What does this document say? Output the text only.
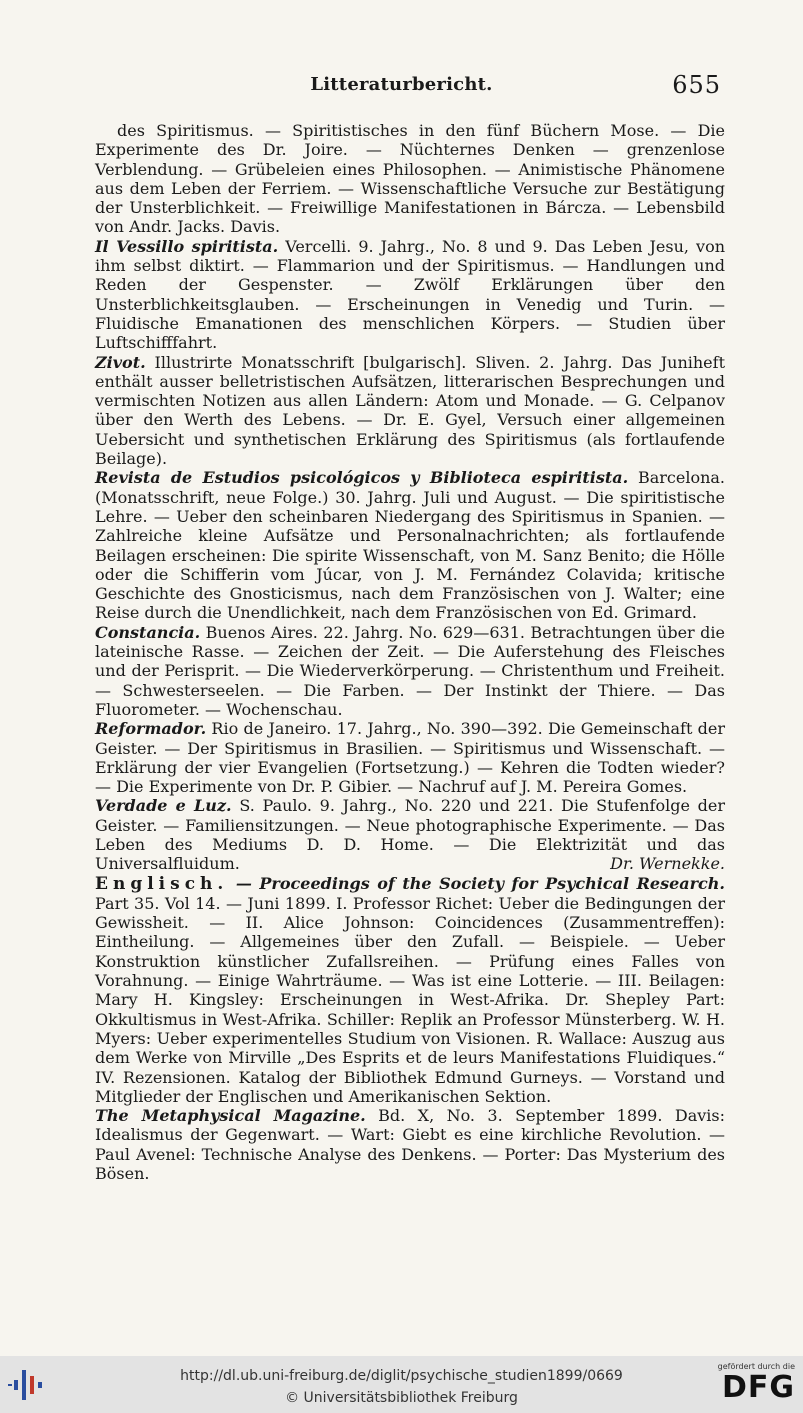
Litteraturbericht.	655

des Spiritismus. — Spiritistisches in den fünf Büchern Mose. — Die Experimente des Dr. Joire. — Nüchternes Denken — grenzenlose Verblendung. — Grübeleien eines Philosophen. — Animistische Phänomene aus dem Leben der Ferriem. — Wissenschaftliche Versuche zur Bestätigung der Unsterblichkeit. — Freiwillige Manifestationen in Bárcza. — Lebensbild von Andr. Jacks. Davis.

Il Vessillo spiritista. Vercelli. 9. Jahrg., No. 8 und 9. Das Leben Jesu, von ihm selbst diktirt. — Flammarion und der Spiritismus. — Handlungen und Reden der Gespenster. — Zwölf Erklärungen über den Unsterblichkeitsglauben. — Erscheinungen in Venedig und Turin. — Fluidische Emanationen des menschlichen Körpers. — Studien über Luftschifffahrt.

Zivot. Illustrirte Monatsschrift [bulgarisch]. Sliven. 2. Jahrg. Das Juniheft enthält ausser belletristischen Aufsätzen, litterarischen Besprechungen und vermischten Notizen aus allen Ländern: Atom und Monade. — G. Celpanov über den Werth des Lebens. — Dr. E. Gyel, Versuch einer allgemeinen Uebersicht und synthetischen Erklärung des Spiritismus (als fortlaufende Beilage).

Revista de Estudios psicológicos y Biblioteca espiritista. Barcelona. (Monatsschrift, neue Folge.) 30. Jahrg. Juli und August. — Die spiritistische Lehre. — Ueber den scheinbaren Niedergang des Spiritismus in Spanien. — Zahlreiche kleine Aufsätze und Personalnachrichten; als fortlaufende Beilagen erscheinen: Die spirite Wissenschaft, von M. Sanz Benito; die Hölle oder die Schifferin vom Júcar, von J. M. Fernández Colavida; kritische Geschichte des Gnosticismus, nach dem Französischen von J. Walter; eine Reise durch die Unendlichkeit, nach dem Französischen von Ed. Grimard.

Constancia. Buenos Aires. 22. Jahrg. No. 629—631. Betrachtungen über die lateinische Rasse. — Zeichen der Zeit. — Die Auferstehung des Fleisches und der Perisprit. — Die Wiederverkörperung. — Christenthum und Freiheit. — Schwesterseelen. — Die Farben. — Der Instinkt der Thiere. — Das Fluorometer. — Wochenschau.

Reformador. Rio de Janeiro. 17. Jahrg., No. 390—392. Die Gemeinschaft der Geister. — Der Spiritismus in Brasilien. — Spiritismus und Wissenschaft. — Erklärung der vier Evangelien (Fortsetzung.) — Kehren die Todten wieder? — Die Experimente von Dr. P. Gibier. — Nachruf auf J. M. Pereira Gomes.

Verdade e Luz. S. Paulo. 9. Jahrg., No. 220 und 221. Die Stufenfolge der Geister. — Familiensitzungen. — Neue photographische Experimente. — Das Leben des Mediums D. D. Home. — Die Elektrizität und das Universalfluidum.	Dr. Wernekke.

Englisch. — Proceedings of the Society for Psychical Research. Part 35. Vol 14. — Juni 1899. I. Professor Richet: Ueber die Bedingungen der Gewissheit. — II. Alice Johnson: Coincidences (Zusammentreffen): Eintheilung. — Allgemeines über den Zufall. — Beispiele. — Ueber Konstruktion künstlicher Zufallsreihen. — Prüfung eines Falles von Vorahnung. — Einige Wahrträume. — Was ist eine Lotterie. — III. Beilagen: Mary H. Kingsley: Erscheinungen in West-Afrika. Dr. Shepley Part: Okkultismus in West-Afrika. Schiller: Replik an Professor Münsterberg. W. H. Myers: Ueber experimentelles Studium von Visionen. R. Wallace: Auszug aus dem Werke von Mirville „Des Esprits et de leurs Manifestations Fluidiques.“ IV. Rezensionen. Katalog der Bibliothek Edmund Gurneys. — Vorstand und Mitglieder der Englischen und Amerikanischen Sektion.

The Metaphysical Magazine. Bd. X, No. 3. September 1899. Davis: Idealismus der Gegenwart. — Wart: Giebt es eine kirchliche Revolution. — Paul Avenel: Technische Analyse des Denkens. — Porter: Das Mysterium des Bösen.

http://dl.ub.uni-freiburg.de/diglit/psychische_studien1899/0669
© Universitätsbibliothek Freiburg
gefördert durch die
DFG
